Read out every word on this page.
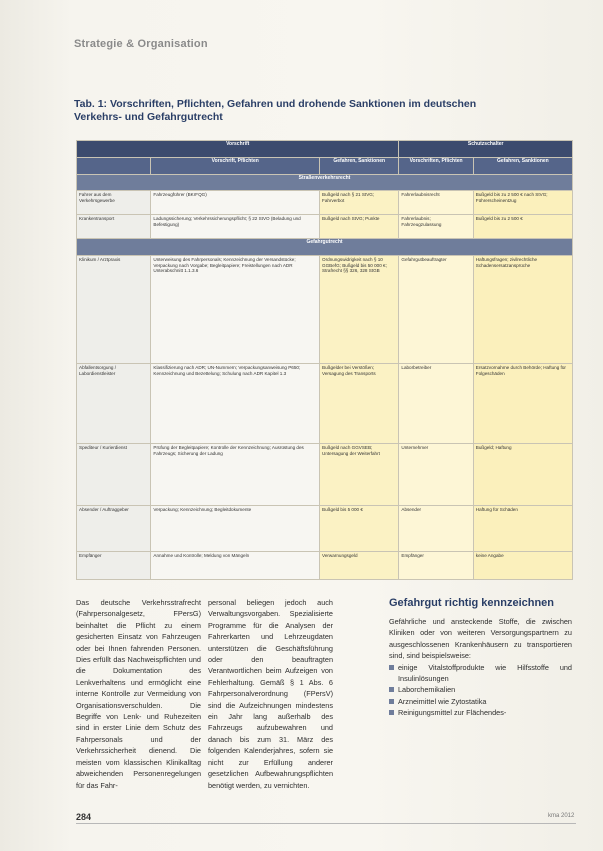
Strategie & Organisation
Tab. 1: Vorschriften, Pflichten, Gefahren und drohende Sanktionen im deutschen Verkehrs- und Gefahrgutrecht
Vorschrift			Schutzschalter	
	Vorschrift, Pflichten	Gefahren, Sanktionen	Vorschriften, Pflichten	Gefahren, Sanktionen
Straßenverkehrsrecht				
Fahrer aus dem Verkehrsgewerbe	Fahrzeugführer (BKrFQG)	Bußgeld nach § 21 StVG; Fahrverbot	Fahrerlaubnisrecht	Bußgeld bis zu 2 500 € nach StVG; Führerscheinentzug
Krankentransport	Ladungssicherung; Verkehrssicherungspflicht; § 22 StVO (Beladung und Befestigung)	Bußgeld nach StVG; Punkte	Fahrerlaubnis; Fahrzeugzulassung	Bußgeld bis zu 2 500 €
Gefahrgutrecht				
Klinikum / Arztpraxis	Unterweisung des Fahrpersonals; Kennzeichnung der Versandstücke; Verpackung nach Vorgabe; Begleitpapiere; Freistellungen nach ADR Unterabschnitt 1.1.3.6	Ordnungswidrigkeit nach § 10 GGBefG; Bußgeld bis 50 000 €; Strafrecht §§ 326, 328 StGB	Gefahrgutbeauftragter	Haftungsfragen; zivilrechtliche Schadensersatzansprüche
Abfallentsorgung / Labordienstleister	Klassifizierung nach ADR; UN-Nummern; Verpackungsanweisung P650; Kennzeichnung und Bezettelung; Schulung nach ADR Kapitel 1.3	Bußgelder bei Verstößen; Versagung des Transports	Laborbetreiber	Ersatzvornahme durch Behörde; Haftung für Folgeschäden
Spediteur / Kurierdienst	Prüfung der Begleitpapiere; Kontrolle der Kennzeichnung; Ausrüstung des Fahrzeugs; Sicherung der Ladung	Bußgeld nach GGVSEB; Untersagung der Weiterfahrt	Unternehmer	Bußgeld; Haftung
Absender / Auftraggeber	Verpackung; Kennzeichnung; Begleitdokumente	Bußgeld bis 5 000 €	Absender	Haftung für Schäden
Empfänger	Annahme und Kontrolle; Meldung von Mängeln	Verwarnungsgeld	Empfänger	keine Angabe
Das deutsche Verkehrsstrafrecht (Fahrpersonalgesetz, FPersG) beinhaltet die Pflicht zu einem gesicherten Einsatz von Fahrzeugen oder bei Ihnen fahrenden Personen. Dies erfüllt das Nachweispflichten und die Dokumentation des Lenkverhaltens und ermöglicht eine interne Kontrolle zur Vermeidung von Organisationsverschulden. Die Begriffe von Lenk- und Ruhezeiten sind in erster Linie dem Schutz des Fahrpersonals und der Verkehrssicherheit dienend. Die meisten vom klassischen Klinikalltag abweichenden Personenregelungen für das Fahr-
personal beliegen jedoch auch Verwaltungsvorgaben. Spezialisierte Programme für die Analysen der Fahrerkarten und Lehrzeugdaten unterstützen die Geschäftsführung oder den beauftragten Verantwortlichen beim Aufzeigen von Fehlerhaltung. Gemäß § 1 Abs. 6 Fahrpersonalverordnung (FPersV) sind die Aufzeichnungen mindestens ein Jahr lang außerhalb des Fahrzeugs aufzubewahren und danach bis zum 31. März des folgenden Kalenderjahres, sofern sie nicht zur Erfüllung anderer gesetzlichen Aufbewahrungspflichten benötigt werden, zu vernichten.
Gefahrgut richtig kennzeichnen
Gefährliche und ansteckende Stoffe, die zwischen Kliniken oder von weiteren Versorgungspartnern zu ausgeschlossenen Krankenhäusern zu transportieren sind, sind beispielsweise:
einige Vitalstoffprodukte wie Hilfsstoffe und Insulinlösungen
Laborchemikalien
Arzneimittel wie Zytostatika
Reinigungsmittel zur Flächendes-
284	kma 2012
